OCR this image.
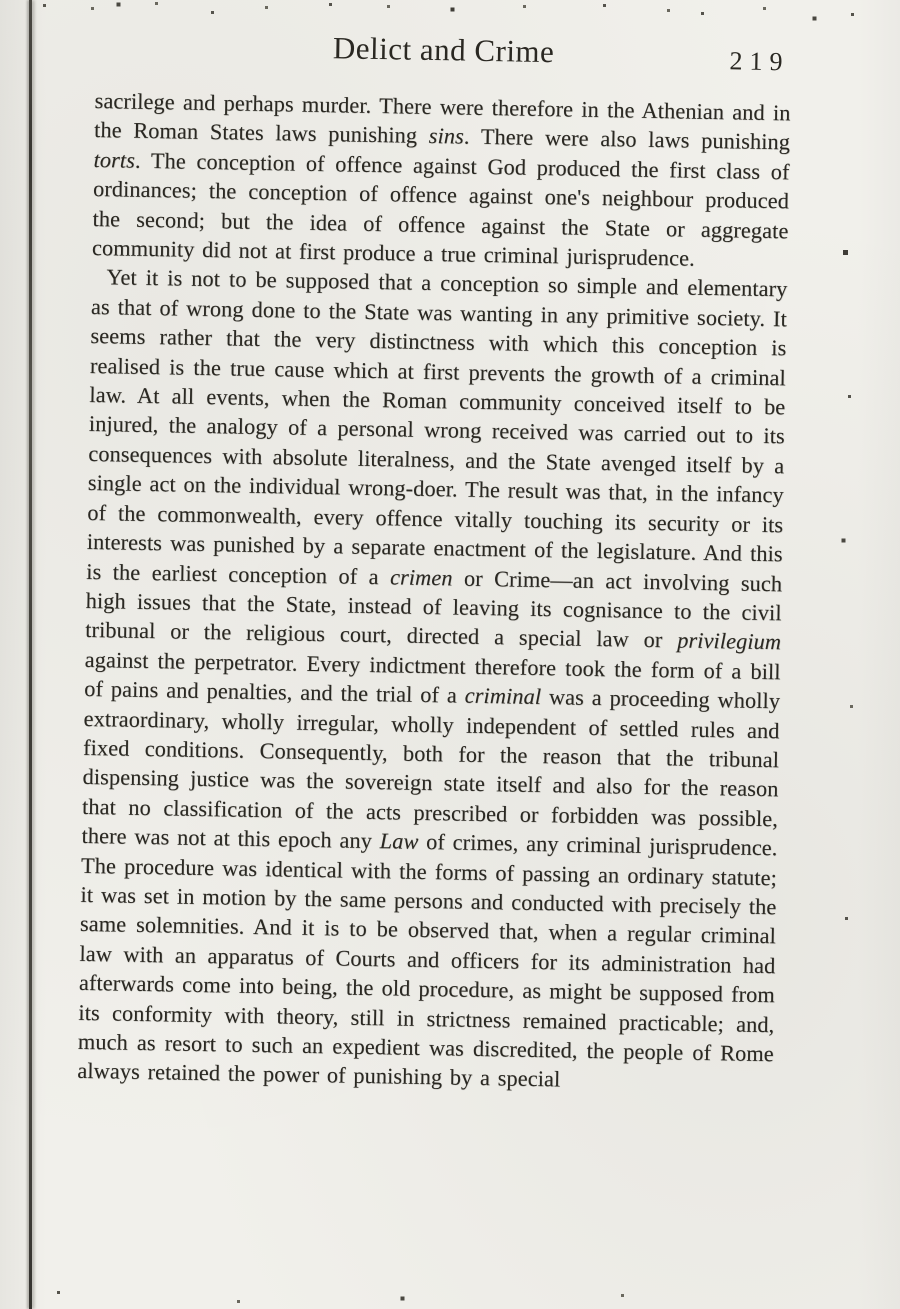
Delict and Crime	219

sacrilege and perhaps murder. There were therefore in the Athenian and in the Roman States laws punishing sins. There were also laws punishing torts. The conception of offence against God produced the first class of ordinances; the conception of offence against one's neighbour produced the second; but the idea of offence against the State or aggregate community did not at first produce a true criminal jurisprudence.

Yet it is not to be supposed that a conception so simple and elementary as that of wrong done to the State was wanting in any primitive society. It seems rather that the very distinctness with which this conception is realised is the true cause which at first prevents the growth of a criminal law. At all events, when the Roman community conceived itself to be injured, the analogy of a personal wrong received was carried out to its consequences with absolute literalness, and the State avenged itself by a single act on the individual wrong-doer. The result was that, in the infancy of the commonwealth, every offence vitally touching its security or its interests was punished by a separate enactment of the legislature. And this is the earliest conception of a crimen or Crime—an act involving such high issues that the State, instead of leaving its cognisance to the civil tribunal or the religious court, directed a special law or privilegium against the perpetrator. Every indictment therefore took the form of a bill of pains and penalties, and the trial of a criminal was a proceeding wholly extraordinary, wholly irregular, wholly independent of settled rules and fixed conditions. Consequently, both for the reason that the tribunal dispensing justice was the sovereign state itself and also for the reason that no classification of the acts prescribed or forbidden was possible, there was not at this epoch any Law of crimes, any criminal jurisprudence. The procedure was identical with the forms of passing an ordinary statute; it was set in motion by the same persons and conducted with precisely the same solemnities. And it is to be observed that, when a regular criminal law with an apparatus of Courts and officers for its administration had afterwards come into being, the old procedure, as might be supposed from its conformity with theory, still in strictness remained practicable; and, much as resort to such an expedient was discredited, the people of Rome always retained the power of punishing by a special
